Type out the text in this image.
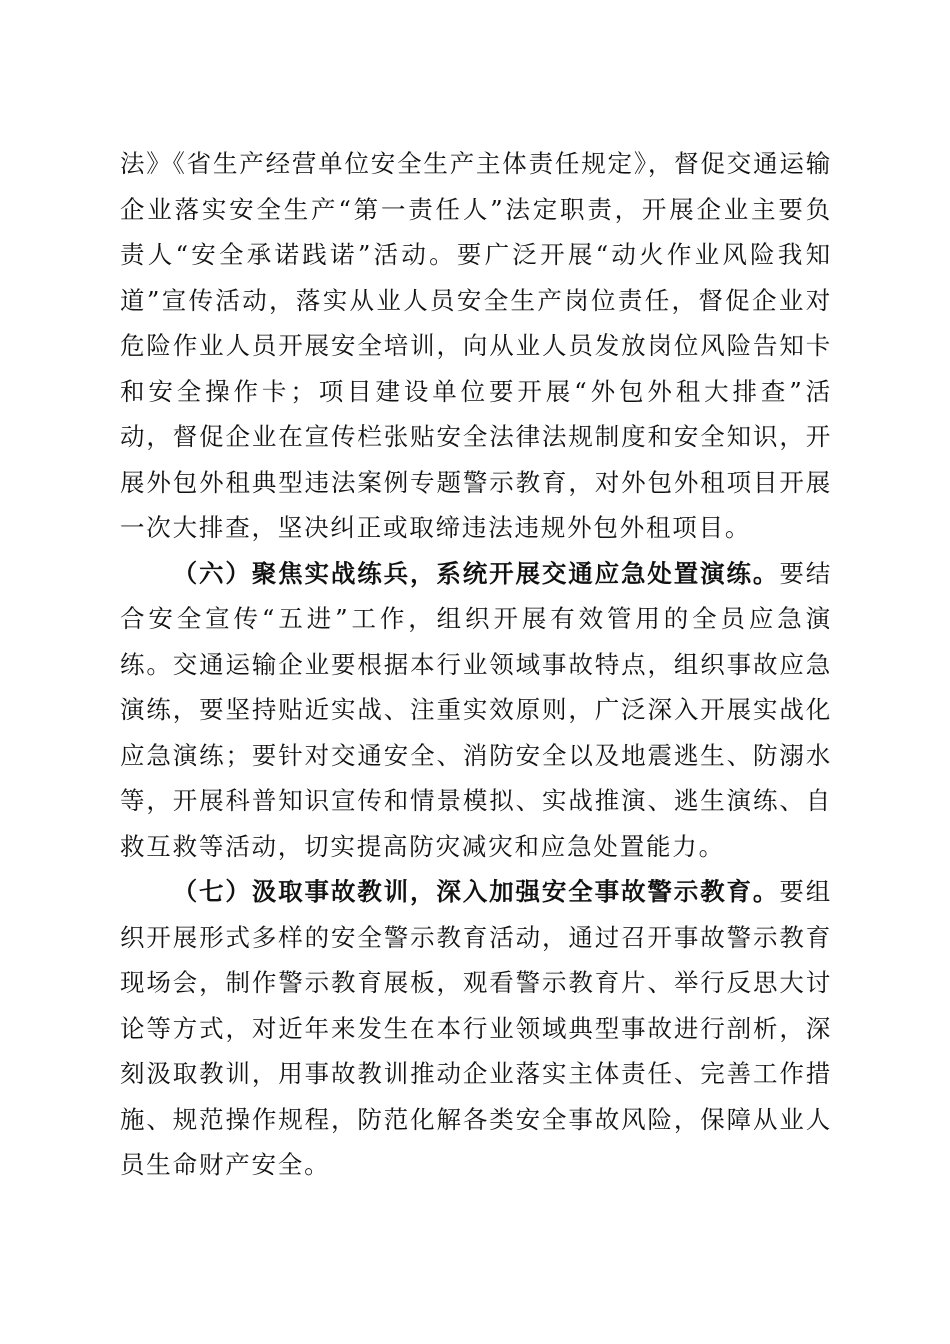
法》《省生产经营单位安全生产主体责任规定》，督促交通运输企业落实安全生产“第一责任人”法定职责，开展企业主要负责人“安全承诺践诺”活动。要广泛开展“动火作业风险我知道”宣传活动，落实从业人员安全生产岗位责任，督促企业对危险作业人员开展安全培训，向从业人员发放岗位风险告知卡和安全操作卡；项目建设单位要开展“外包外租大排查”活动，督促企业在宣传栏张贴安全法律法规制度和安全知识，开展外包外租典型违法案例专题警示教育，对外包外租项目开展一次大排查，坚决纠正或取缔违法违规外包外租项目。

（六）聚焦实战练兵，系统开展交通应急处置演练。要结合安全宣传“五进”工作，组织开展有效管用的全员应急演练。交通运输企业要根据本行业领域事故特点，组织事故应急演练，要坚持贴近实战、注重实效原则，广泛深入开展实战化应急演练；要针对交通安全、消防安全以及地震逃生、防溺水等，开展科普知识宣传和情景模拟、实战推演、逃生演练、自救互救等活动，切实提高防灾减灾和应急处置能力。

（七）汲取事故教训，深入加强安全事故警示教育。要组织开展形式多样的安全警示教育活动，通过召开事故警示教育现场会，制作警示教育展板，观看警示教育片、举行反思大讨论等方式，对近年来发生在本行业领域典型事故进行剖析，深刻汲取教训，用事故教训推动企业落实主体责任、完善工作措施、规范操作规程，防范化解各类安全事故风险，保障从业人员生命财产安全。
